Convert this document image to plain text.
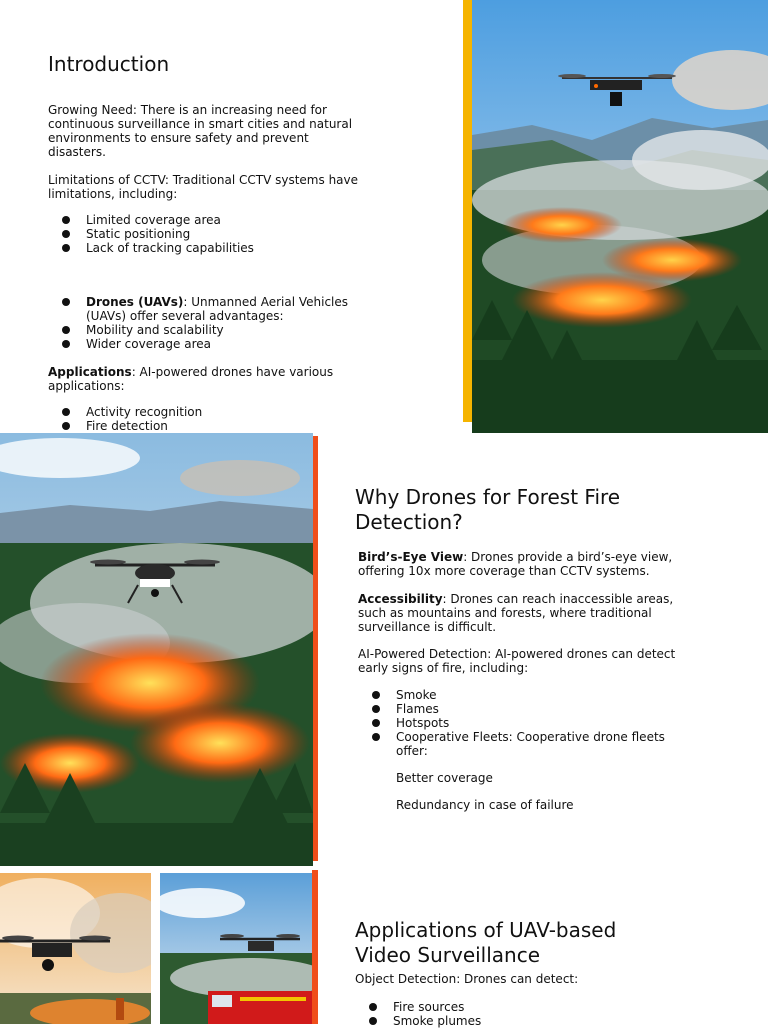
Introduction

Growing Need: There is an increasing need for continuous surveillance in smart cities and natural environments to ensure safety and prevent disasters.

Limitations of CCTV: Traditional CCTV systems have limitations, including:

Limited coverage area
Static positioning
Lack of tracking capabilities
Drones (UAVs): Unmanned Aerial Vehicles (UAVs) offer several advantages:
Mobility and scalability
Wider coverage area

Applications: AI-powered drones have various applications:

Activity recognition
Fire detection
Why Drones for Forest Fire Detection?

Bird’s-Eye View: Drones provide a bird’s-eye view, offering 10x more coverage than CCTV systems.

Accessibility: Drones can reach inaccessible areas, such as mountains and forests, where traditional surveillance is difficult.

AI-Powered Detection: AI-powered drones can detect early signs of fire, including:

Smoke
Flames
Hotspots
Cooperative Fleets: Cooperative drone fleets offer:
Better coverage
Redundancy in case of failure
Applications of UAV-based Video Surveillance

Object Detection: Drones can detect:

Fire sources
Smoke plumes
